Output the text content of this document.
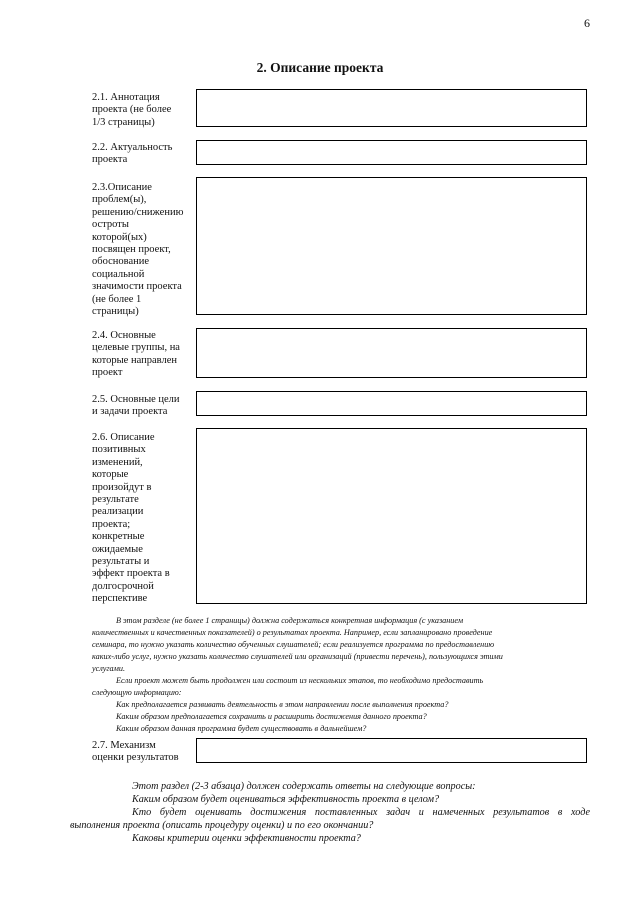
6
2. Описание проекта
2.1. Аннотация
проекта (не более
1/3 страницы)
2.2. Актуальность
проекта
2.3.Описание
проблем(ы),
решению/снижению
остроты
которой(ых)
посвящен проект,
обоснование
социальной
значимости проекта
(не более 1
страницы)
2.4. Основные
целевые группы, на
которые направлен
проект
2.5. Основные цели
и задачи проекта
2.6. Описание
позитивных
изменений,
которые
произойдут в
результате
реализации
проекта;
конкретные
ожидаемые
результаты и
эффект проекта в
долгосрочной
перспективе
В этом разделе (не более 1 страницы) должна содержаться конкретная информация (с указанием
количественных и качественных показателей) о результатах проекта. Например, если запланировано проведение
семинара, то нужно указать количество обученных слушателей; если реализуется программа по предоставлению
каких-либо услуг, нужно указать количество слушателей или организаций (привести перечень), пользующихся этими
услугами.
Если проект может быть продолжен или состоит из нескольких этапов, то необходимо предоставить
следующую информацию:
Как предполагается развивать деятельность в этом направлении после выполнения проекта?
Каким образом предполагается сохранить и расширить достижения данного проекта?
Каким образом данная программа будет существовать в дальнейшем?
2.7. Механизм
оценки результатов
Этот раздел (2-3 абзаца) должен содержать ответы на следующие вопросы:
Каким образом будет оцениваться эффективность проекта в целом?
Кто будет оценивать достижения поставленных задач и намеченных результатов в ходе
выполнения проекта (описать процедуру оценки) и по его окончании?
Каковы критерии оценки эффективности проекта?
